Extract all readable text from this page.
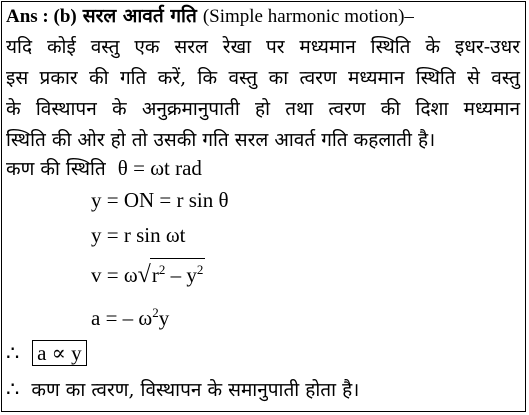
Ans : (b) सरल आवर्त गति (Simple harmonic motion)–
यदि कोई वस्तु एक सरल रेखा पर मध्यमान स्थिति के इधर-उधर
इस प्रकार की गति करें, कि वस्तु का त्वरण मध्यमान स्थिति से वस्तु
के विस्थापन के अनुक्रमानुपाती हो तथा त्वरण की दिशा मध्यमान
स्थिति की ओर हो तो उसकी गति सरल आवर्त गति कहलाती है।
कण की स्थिति θ = ωt rad
y = ON = r sin θ
y = r sin ωt
$v = \omega√r^2 - y^2$
a = – $\omega^2y$
∴ a ∝ y
∴ कण का त्वरण, विस्थापन के समानुपाती होता है।
